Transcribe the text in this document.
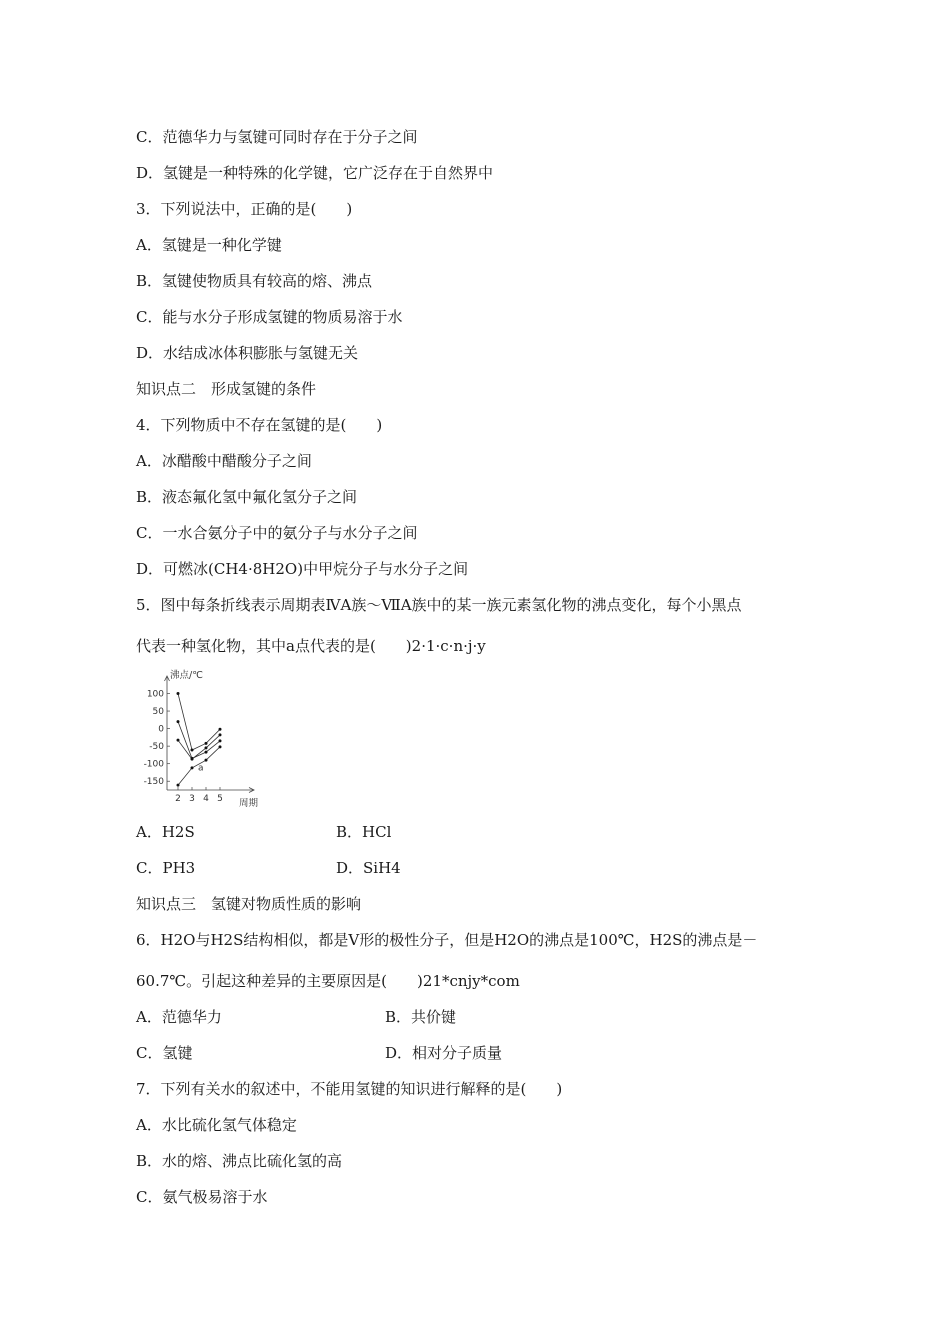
C．范德华力与氢键可同时存在于分子之间
D．氢键是一种特殊的化学键，它广泛存在于自然界中
3．下列说法中，正确的是(　　)
A．氢键是一种化学键
B．氢键使物质具有较高的熔、沸点
C．能与水分子形成氢键的物质易溶于水
D．水结成冰体积膨胀与氢键无关
知识点二　形成氢键的条件
4．下列物质中不存在氢键的是(　　)
A．冰醋酸中醋酸分子之间
B．液态氟化氢中氟化氢分子之间
C．一水合氨分子中的氨分子与水分子之间
D．可燃冰(CH4·8H2O)中甲烷分子与水分子之间
5．图中每条折线表示周期表ⅣA族～ⅦA族中的某一族元素氢化物的沸点变化，每个小黑点
代表一种氢化物，其中a点代表的是(　　)2·1·c·n·j·y
100
50
0
-50
-100
-150
2 3 4 5
沸点/℃
周期
a
A．H2S	B．HCl
C．PH3	D．SiH4
知识点三　氢键对物质性质的影响
6．H2O与H2S结构相似，都是V形的极性分子，但是H2O的沸点是100℃，H2S的沸点是－
60.7℃。引起这种差异的主要原因是(　　)21*cnjy*com
A．范德华力	B．共价键
C．氢键	D．相对分子质量
7．下列有关水的叙述中，不能用氢键的知识进行解释的是(　　)
A．水比硫化氢气体稳定
B．水的熔、沸点比硫化氢的高
C．氨气极易溶于水
